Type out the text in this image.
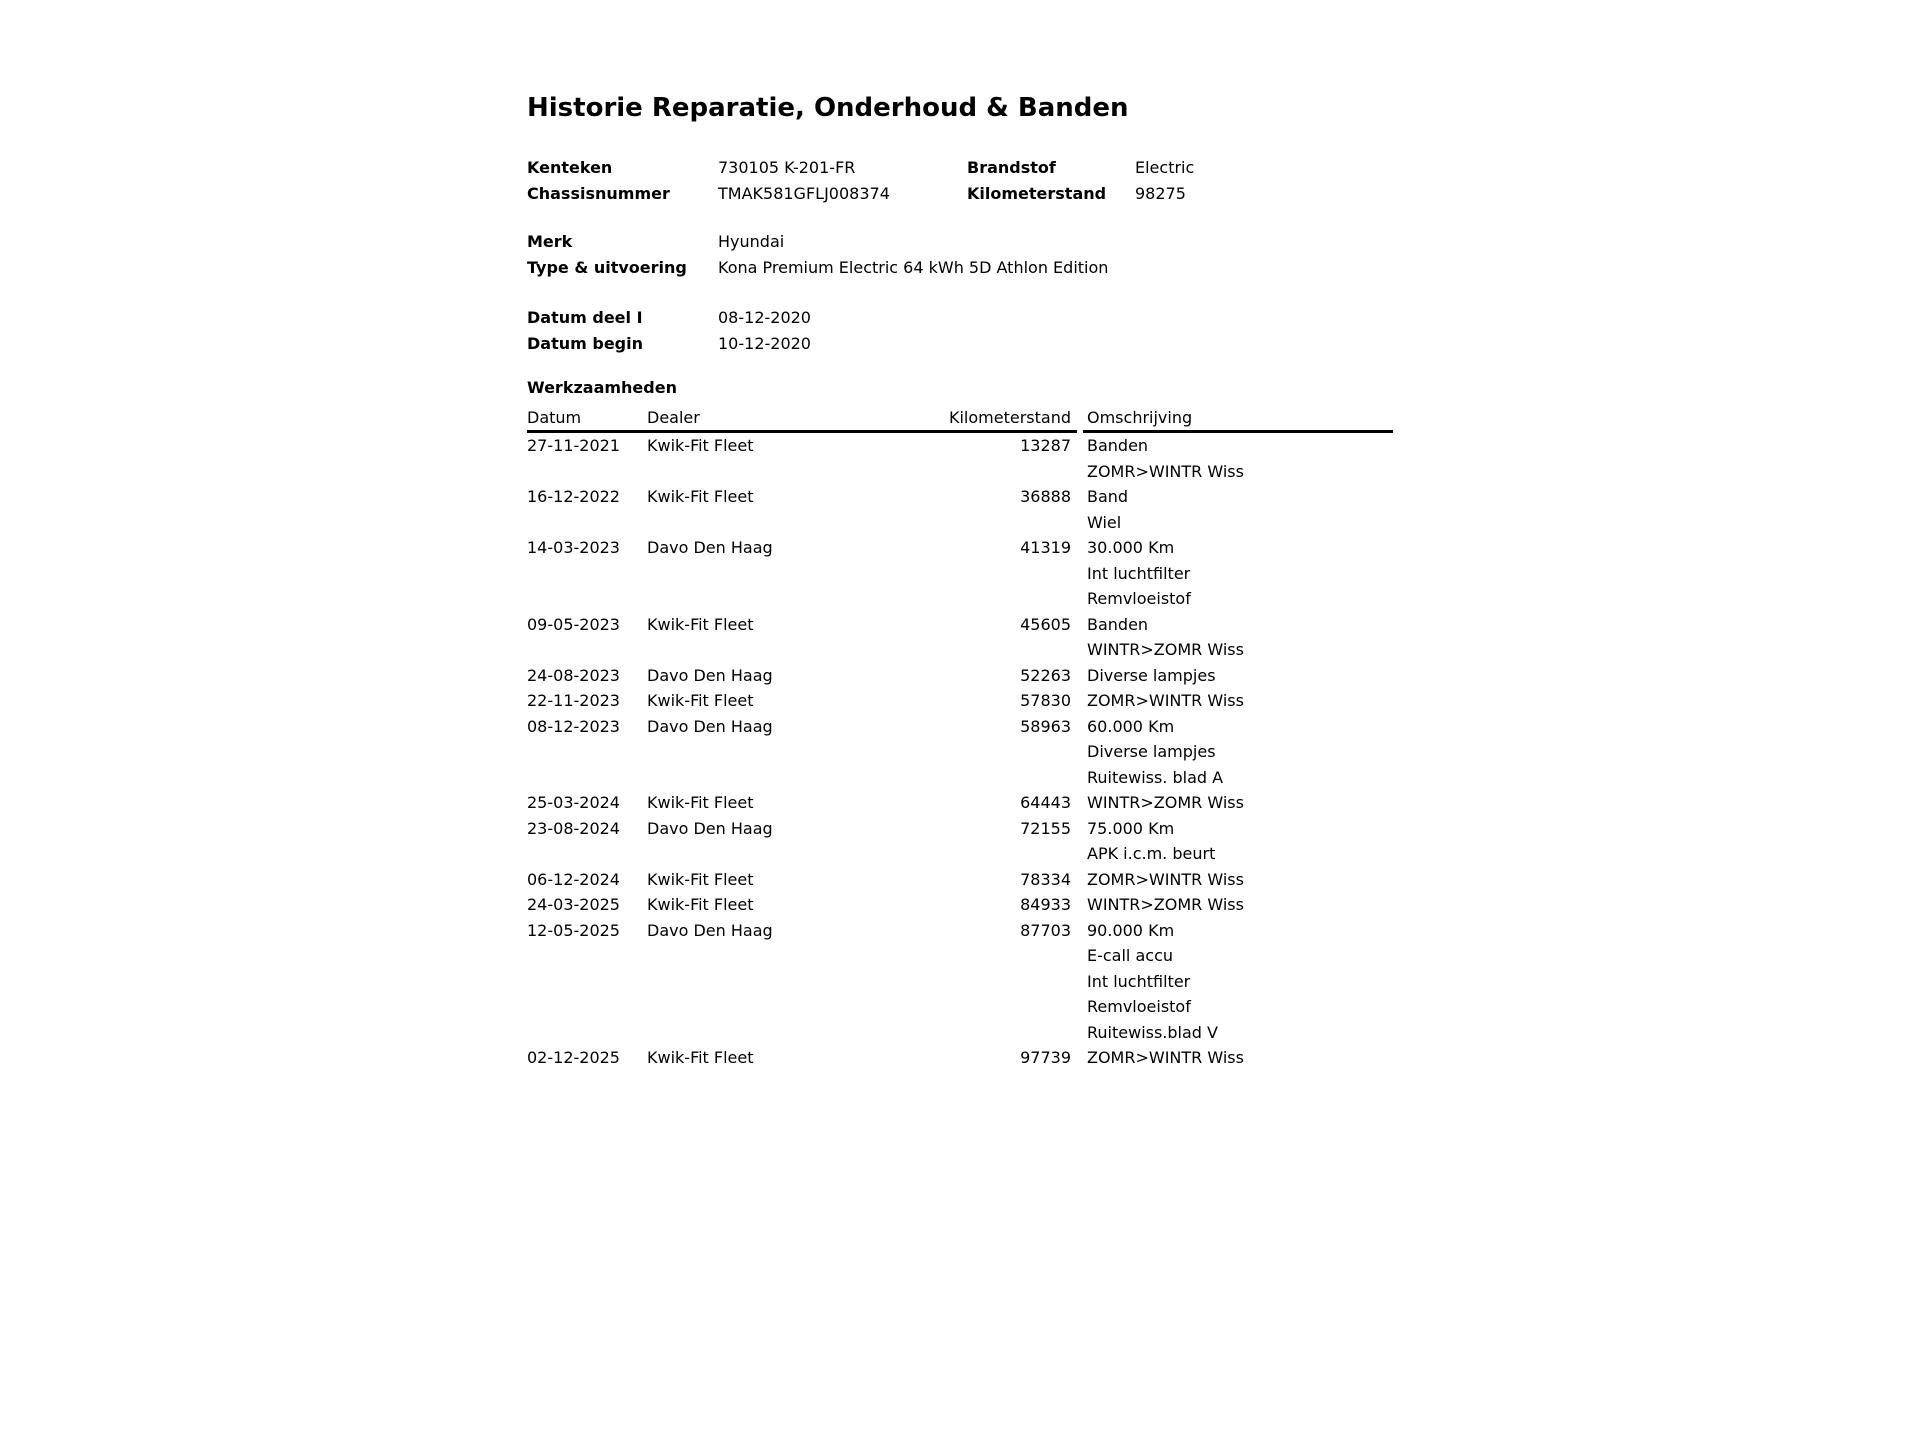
Historie Reparatie, Onderhoud & Banden
Kenteken	730105 K-201-FR	Brandstof	Electric
Chassisnummer	TMAK581GFLJ008374	Kilometerstand 98275
Merk	Hyundai
Type & uitvoering Kona Premium Electric 64 kWh 5D Athlon Edition
Datum deel I	08-12-2020
Datum begin	10-12-2020
Werkzaamheden
Datum	Dealer	Kilometerstand	Omschrijving
27-11-2021	Kwik-Fit Fleet	13287 Banden
ZOMR>WINTR Wiss
16-12-2022	Kwik-Fit Fleet	36888 Band
Wiel
14-03-2023	Davo Den Haag	41319 30.000 Km
Int luchtfilter
Remvloeistof
09-05-2023	Kwik-Fit Fleet	45605 Banden
WINTR>ZOMR Wiss
24-08-2023	Davo Den Haag	52263 Diverse lampjes
22-11-2023	Kwik-Fit Fleet	57830 ZOMR>WINTR Wiss
08-12-2023	Davo Den Haag	58963 60.000 Km
Diverse lampjes
Ruitewiss. blad A
25-03-2024	Kwik-Fit Fleet	64443 WINTR>ZOMR Wiss
23-08-2024	Davo Den Haag	72155 75.000 Km
APK i.c.m. beurt
06-12-2024	Kwik-Fit Fleet	78334 ZOMR>WINTR Wiss
24-03-2025	Kwik-Fit Fleet	84933 WINTR>ZOMR Wiss
12-05-2025	Davo Den Haag	87703 90.000 Km
E-call accu
Int luchtfilter
Remvloeistof
Ruitewiss.blad V
02-12-2025	Kwik-Fit Fleet	97739 ZOMR>WINTR Wiss
